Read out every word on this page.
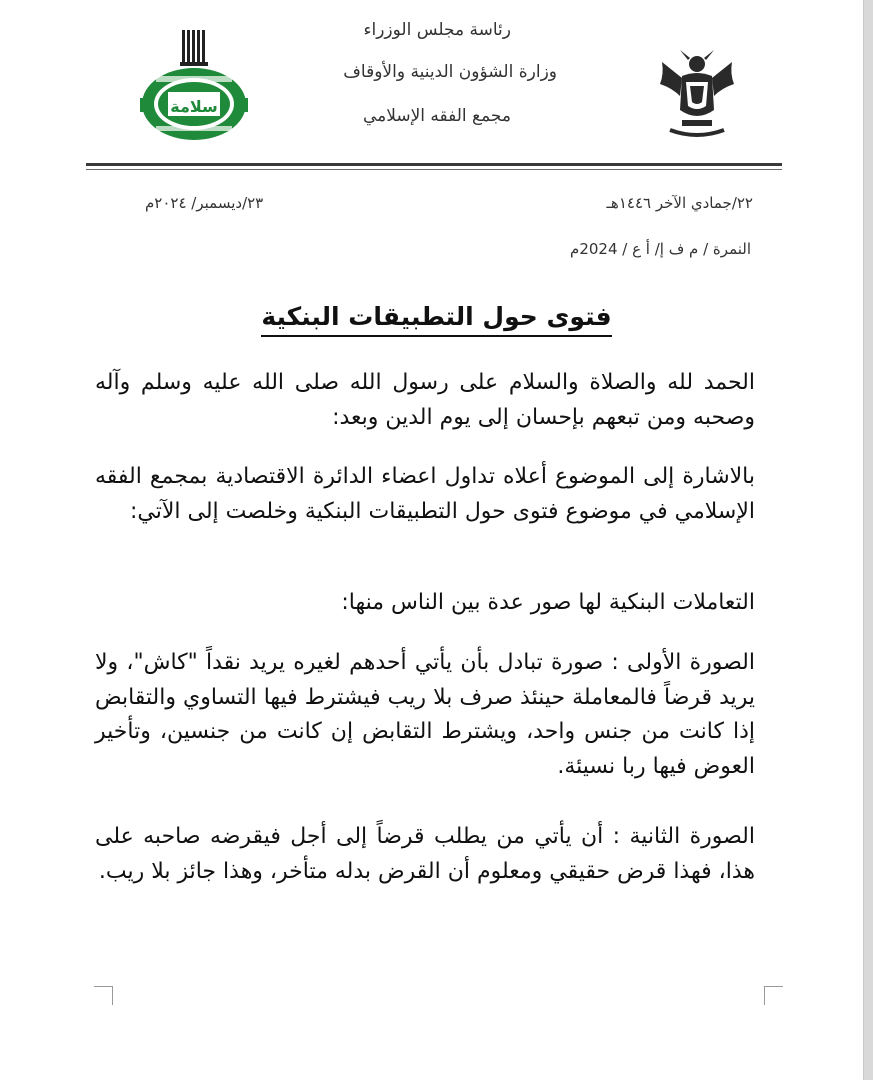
سلامة
رئاسة مجلس الوزراء
وزارة الشؤون الدينية والأوقاف
مجمع الفقه الإسلامي
٢٢/جمادي الآخر ١٤٤٦هـ
٢٣/ديسمبر/ ٢٠٢٤م
النمرة / م ف إ/ أ ع / 2024م
فتوى حول التطبيقات البنكية
الحمد لله والصلاة والسلام على رسول الله صلى الله عليه وسلم وآله وصحبه ومن تبعهم بإحسان إلى يوم الدين وبعد:
بالاشارة إلى الموضوع أعلاه تداول اعضاء الدائرة الاقتصادية بمجمع الفقه الإسلامي في موضوع فتوى حول التطبيقات البنكية وخلصت إلى الآتي:
التعاملات البنكية لها صور عدة بين الناس منها:
الصورة الأولى : صورة تبادل بأن يأتي أحدهم لغيره يريد نقداً "كاش"، ولا يريد قرضاً فالمعاملة حينئذ صرف بلا ريب فيشترط فيها التساوي والتقابض إذا كانت من جنس واحد، ويشترط التقابض إن كانت من جنسين، وتأخير العوض فيها ربا نسيئة.
الصورة الثانية : أن يأتي من يطلب قرضاً إلى أجل فيقرضه صاحبه على هذا، فهذا قرض حقيقي ومعلوم أن القرض بدله متأخر، وهذا جائز بلا ريب.
